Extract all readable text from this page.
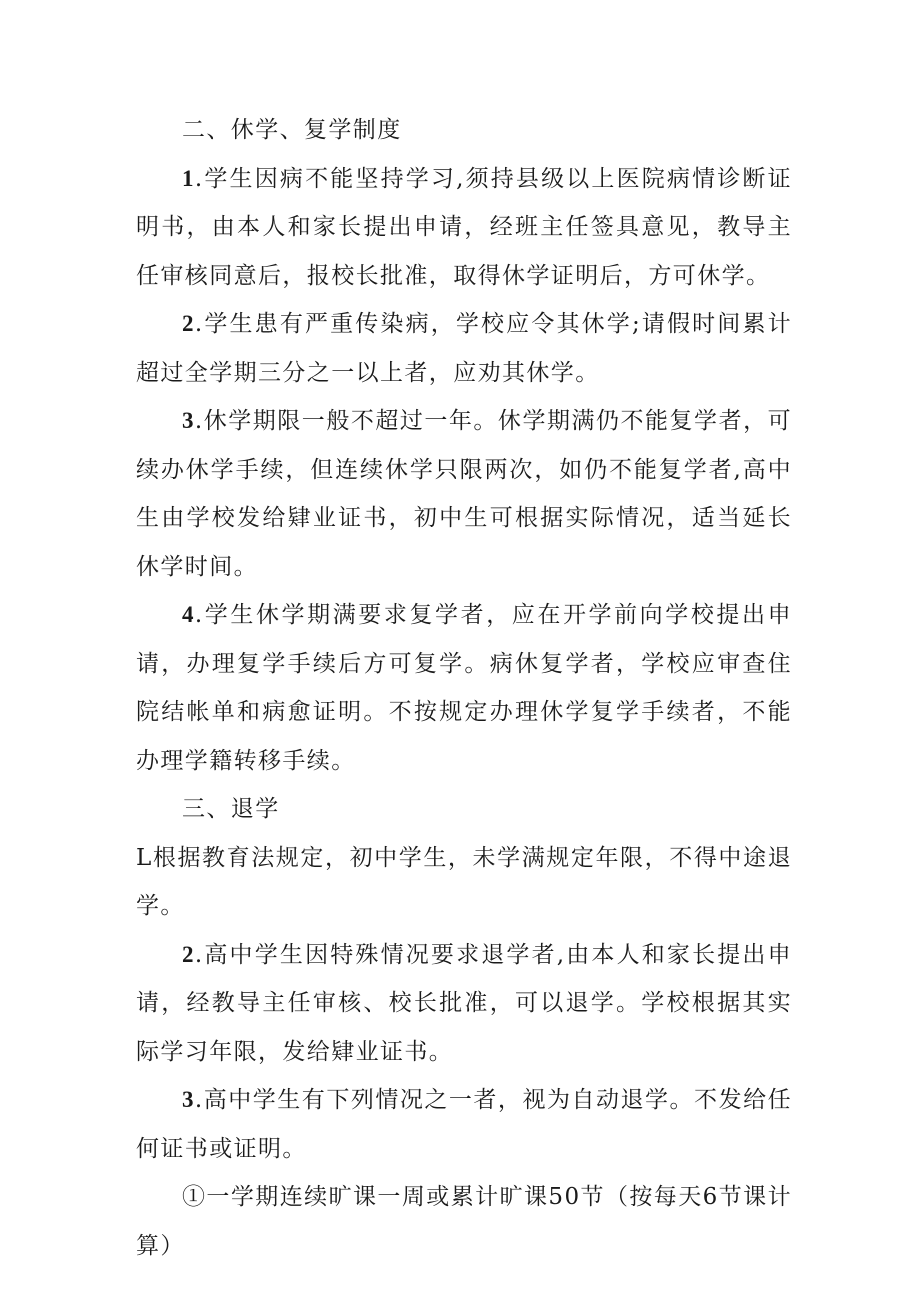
二、休学、复学制度

1.学生因病不能坚持学习,须持县级以上医院病情诊断证明书，由本人和家长提出申请，经班主任签具意见，教导主任审核同意后，报校长批准，取得休学证明后，方可休学。

2.学生患有严重传染病，学校应令其休学;请假时间累计超过全学期三分之一以上者，应劝其休学。

3.休学期限一般不超过一年。休学期满仍不能复学者，可续办休学手续，但连续休学只限两次，如仍不能复学者,高中生由学校发给肄业证书，初中生可根据实际情况，适当延长休学时间。

4.学生休学期满要求复学者，应在开学前向学校提出申请，办理复学手续后方可复学。病休复学者，学校应审查住院结帐单和病愈证明。不按规定办理休学复学手续者，不能办理学籍转移手续。

三、退学

L根据教育法规定，初中学生，未学满规定年限，不得中途退学。

2.高中学生因特殊情况要求退学者,由本人和家长提出申请，经教导主任审核、校长批准，可以退学。学校根据其实际学习年限，发给肄业证书。

3.高中学生有下列情况之一者，视为自动退学。不发给任何证书或证明。

①一学期连续旷课一周或累计旷课50节（按每天6节课计算）
